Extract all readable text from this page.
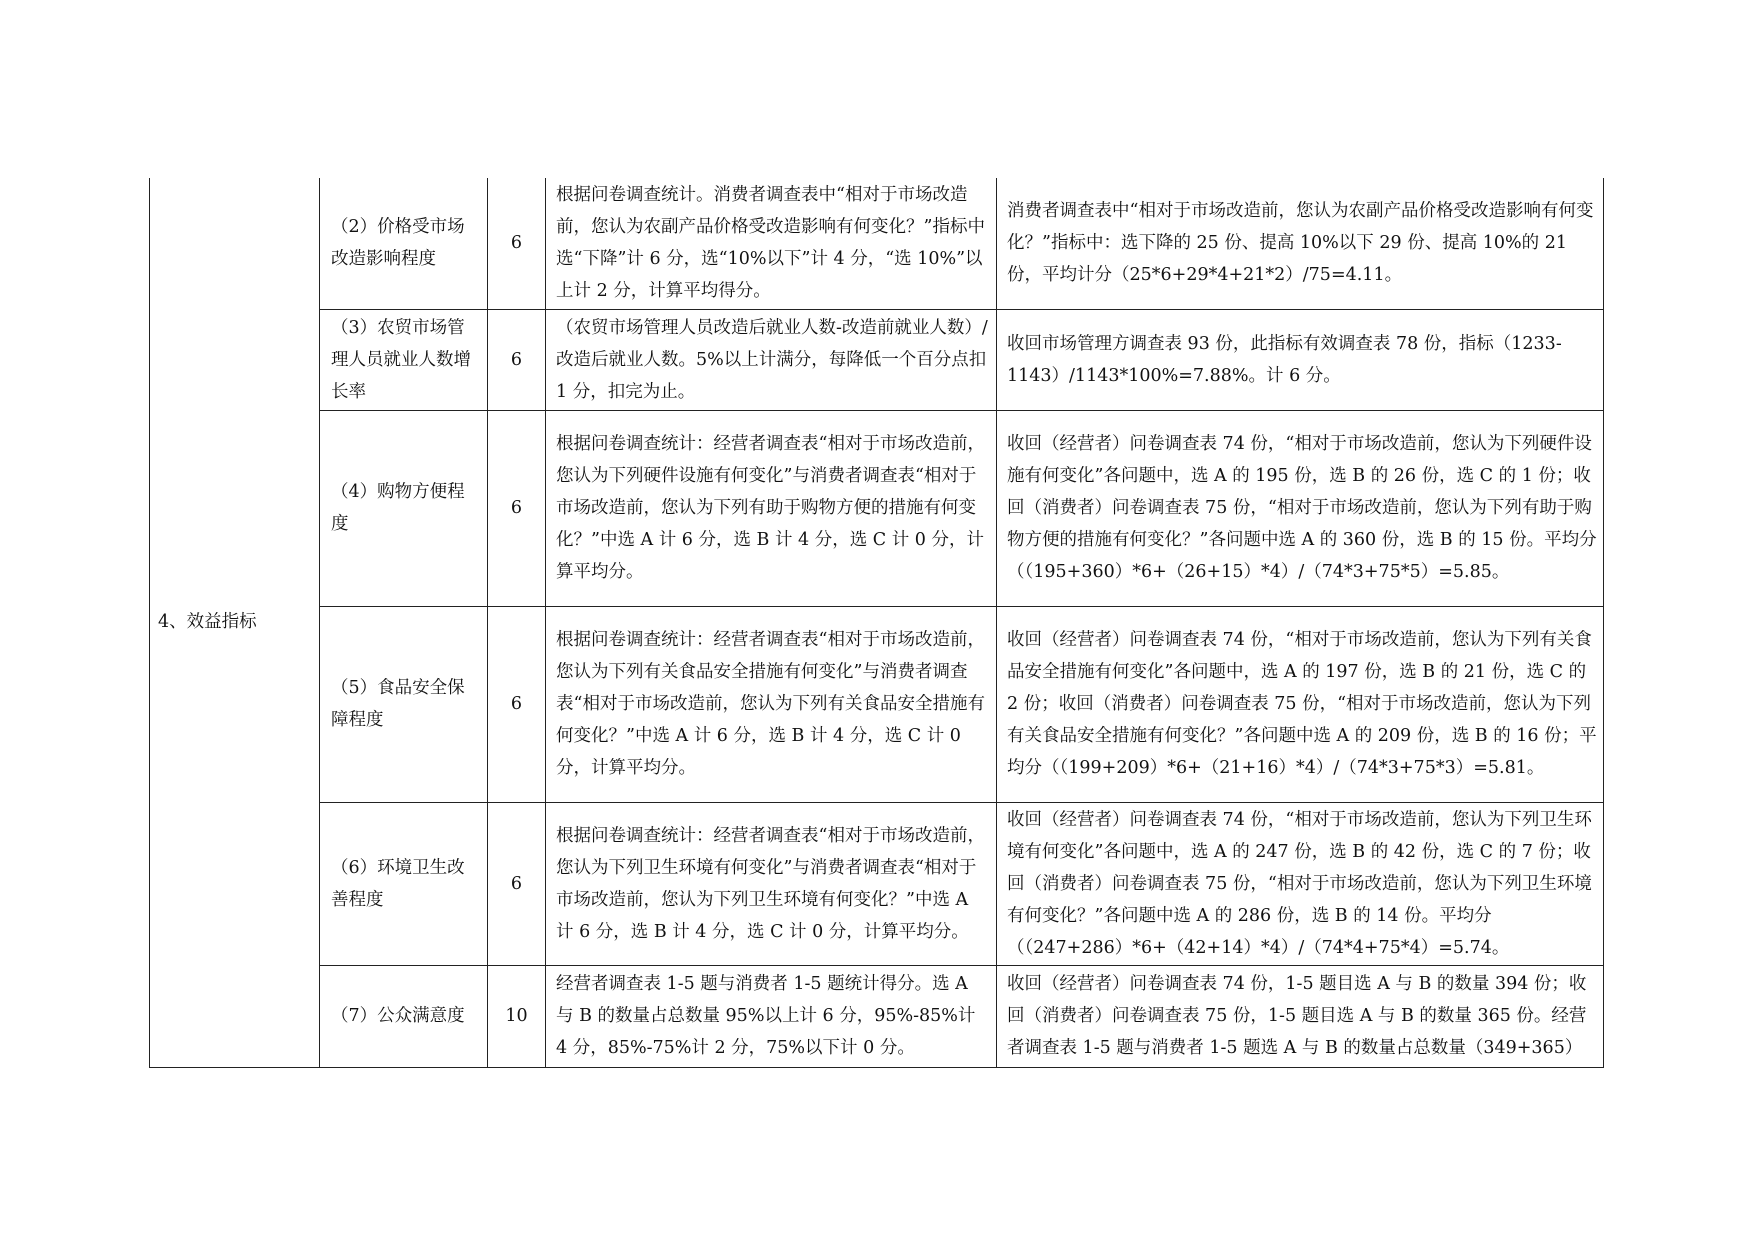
4、效益指标	（2）价格受市场改造影响程度	6	根据问卷调查统计。消费者调查表中“相对于市场改造前，您认为农副产品价格受改造影响有何变化？”指标中选“下降”计 6 分，选“10%以下”计 4 分，“选 10%”以上计 2 分，计算平均得分。	消费者调查表中“相对于市场改造前，您认为农副产品价格受改造影响有何变化？”指标中：选下降的 25 份、提高 10%以下 29 份、提高 10%的 21 份，平均计分（25*6+29*4+21*2）/75=4.11。
	（3）农贸市场管理人员就业人数增长率	6	（农贸市场管理人员改造后就业人数-改造前就业人数）/改造后就业人数。5%以上计满分，每降低一个百分点扣 1 分，扣完为止。	收回市场管理方调查表 93 份，此指标有效调查表 78 份，指标（1233-1143）/1143*100%=7.88%。计 6 分。
	（4）购物方便程度	6	根据问卷调查统计：经营者调查表“相对于市场改造前，您认为下列硬件设施有何变化”与消费者调查表“相对于市场改造前，您认为下列有助于购物方便的措施有何变化？”中选 A 计 6 分，选 B 计 4 分，选 C 计 0 分，计算平均分。	收回（经营者）问卷调查表 74 份，“相对于市场改造前，您认为下列硬件设施有何变化”各问题中，选 A 的 195 份，选 B 的 26 份，选 C 的 1 份；收回（消费者）问卷调查表 75 份，“相对于市场改造前，您认为下列有助于购物方便的措施有何变化？”各问题中选 A 的 360 份，选 B 的 15 份。平均分（（195+360）*6+（26+15）*4）/（74*3+75*5）=5.85。
	（5）食品安全保障程度	6	根据问卷调查统计：经营者调查表“相对于市场改造前，您认为下列有关食品安全措施有何变化”与消费者调查表“相对于市场改造前，您认为下列有关食品安全措施有何变化？”中选 A 计 6 分，选 B 计 4 分，选 C 计 0 分，计算平均分。	收回（经营者）问卷调查表 74 份，“相对于市场改造前，您认为下列有关食品安全措施有何变化”各问题中，选 A 的 197 份，选 B 的 21 份，选 C 的 2 份；收回（消费者）问卷调查表 75 份，“相对于市场改造前，您认为下列有关食品安全措施有何变化？”各问题中选 A 的 209 份，选 B 的 16 份；平均分（（199+209）*6+（21+16）*4）/（74*3+75*3）=5.81。
	（6）环境卫生改善程度	6	根据问卷调查统计：经营者调查表“相对于市场改造前，您认为下列卫生环境有何变化”与消费者调查表“相对于市场改造前，您认为下列卫生环境有何变化？”中选 A 计 6 分，选 B 计 4 分，选 C 计 0 分，计算平均分。	收回（经营者）问卷调查表 74 份，“相对于市场改造前，您认为下列卫生环境有何变化”各问题中，选 A 的 247 份，选 B 的 42 份，选 C 的 7 份；收回（消费者）问卷调查表 75 份，“相对于市场改造前，您认为下列卫生环境有何变化？”各问题中选 A 的 286 份，选 B 的 14 份。平均分（（247+286）*6+（42+14）*4）/（74*4+75*4）=5.74。
	（7）公众满意度	10	经营者调查表 1-5 题与消费者 1-5 题统计得分。选 A 与 B 的数量占总数量 95%以上计 6 分，95%-85%计 4 分，85%-75%计 2 分，75%以下计 0 分。	收回（经营者）问卷调查表 74 份，1-5 题目选 A 与 B 的数量 394 份；收回（消费者）问卷调查表 75 份，1-5 题目选 A 与 B 的数量 365 份。经营者调查表 1-5 题与消费者 1-5 题选 A 与 B 的数量占总数量（349+365）
